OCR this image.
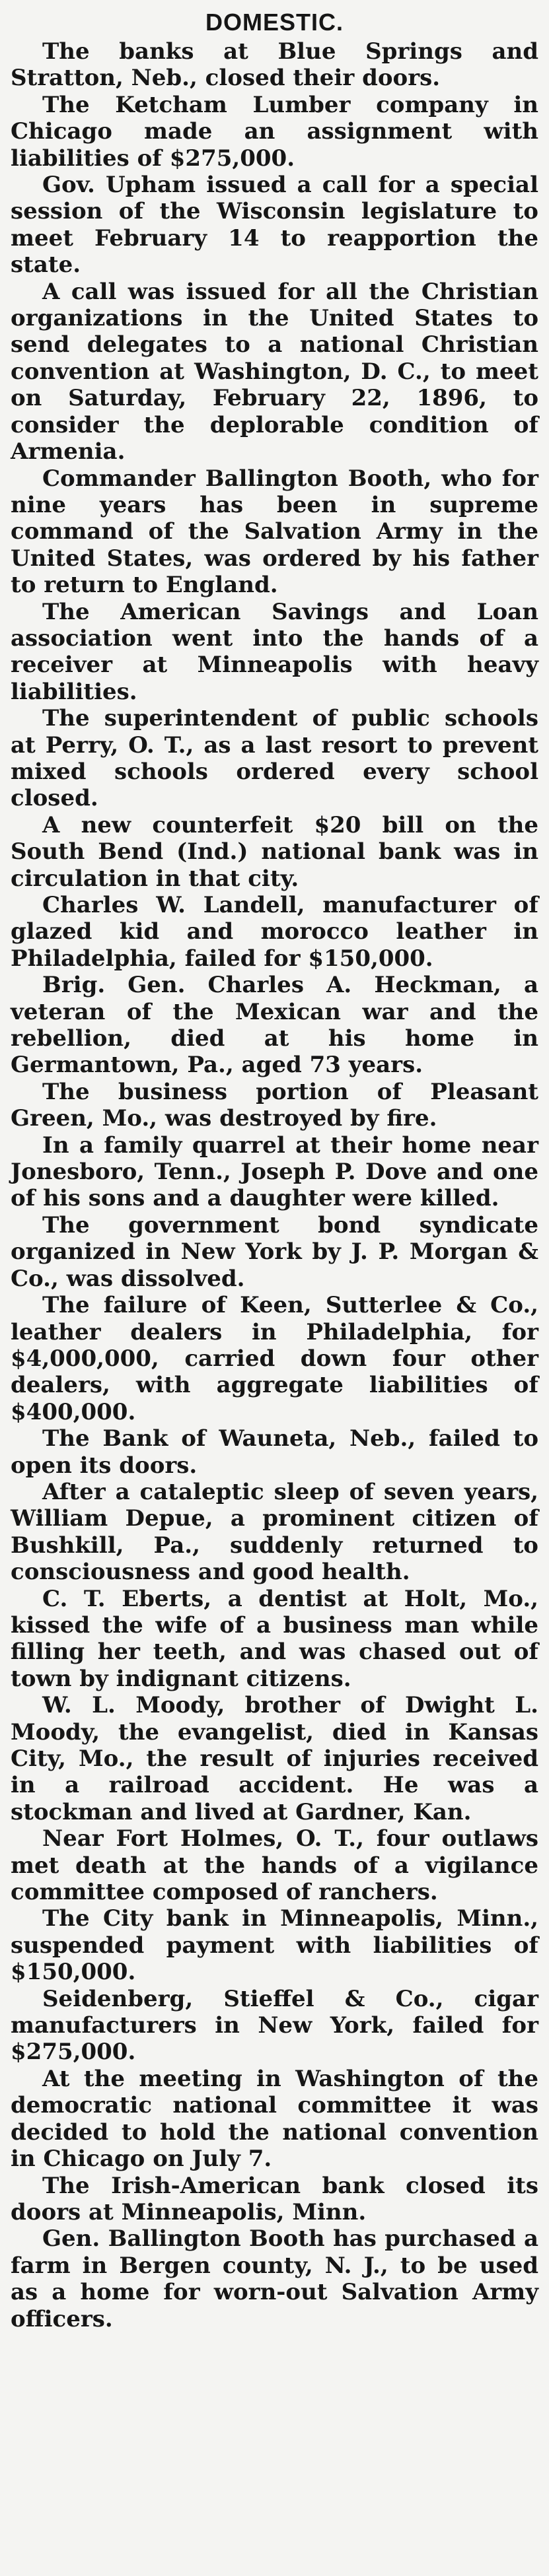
DOMESTIC.

The banks at Blue Springs and Stratton, Neb., closed their doors.

The Ketcham Lumber company in Chicago made an assignment with liabilities of $275,000.

Gov. Upham issued a call for a special session of the Wisconsin legislature to meet February 14 to reapportion the state.

A call was issued for all the Christian organizations in the United States to send delegates to a national Christian convention at Washington, D. C., to meet on Saturday, February 22, 1896, to consider the deplorable condition of Armenia.

Commander Ballington Booth, who for nine years has been in supreme command of the Salvation Army in the United States, was ordered by his father to return to England.

The American Savings and Loan association went into the hands of a receiver at Minneapolis with heavy liabilities.

The superintendent of public schools at Perry, O. T., as a last resort to prevent mixed schools ordered every school closed.

A new counterfeit $20 bill on the South Bend (Ind.) national bank was in circulation in that city.

Charles W. Landell, manufacturer of glazed kid and morocco leather in Philadelphia, failed for $150,000.

Brig. Gen. Charles A. Heckman, a veteran of the Mexican war and the rebellion, died at his home in Germantown, Pa., aged 73 years.

The business portion of Pleasant Green, Mo., was destroyed by fire.

In a family quarrel at their home near Jonesboro, Tenn., Joseph P. Dove and one of his sons and a daughter were killed.

The government bond syndicate organized in New York by J. P. Morgan & Co., was dissolved.

The failure of Keen, Sutterlee & Co., leather dealers in Philadelphia, for $4,000,000, carried down four other dealers, with aggregate liabilities of $400,000.

The Bank of Wauneta, Neb., failed to open its doors.

After a cataleptic sleep of seven years, William Depue, a prominent citizen of Bushkill, Pa., suddenly returned to consciousness and good health.

C. T. Eberts, a dentist at Holt, Mo., kissed the wife of a business man while filling her teeth, and was chased out of town by indignant citizens.

W. L. Moody, brother of Dwight L. Moody, the evangelist, died in Kansas City, Mo., the result of injuries received in a railroad accident. He was a stockman and lived at Gardner, Kan.

Near Fort Holmes, O. T., four outlaws met death at the hands of a vigilance committee composed of ranchers.

The City bank in Minneapolis, Minn., suspended payment with liabilities of $150,000.

Seidenberg, Stieffel & Co., cigar manufacturers in New York, failed for $275,000.

At the meeting in Washington of the democratic national committee it was decided to hold the national convention in Chicago on July 7.

The Irish-American bank closed its doors at Minneapolis, Minn.

Gen. Ballington Booth has purchased a farm in Bergen county, N. J., to be used as a home for worn-out Salvation Army officers.
